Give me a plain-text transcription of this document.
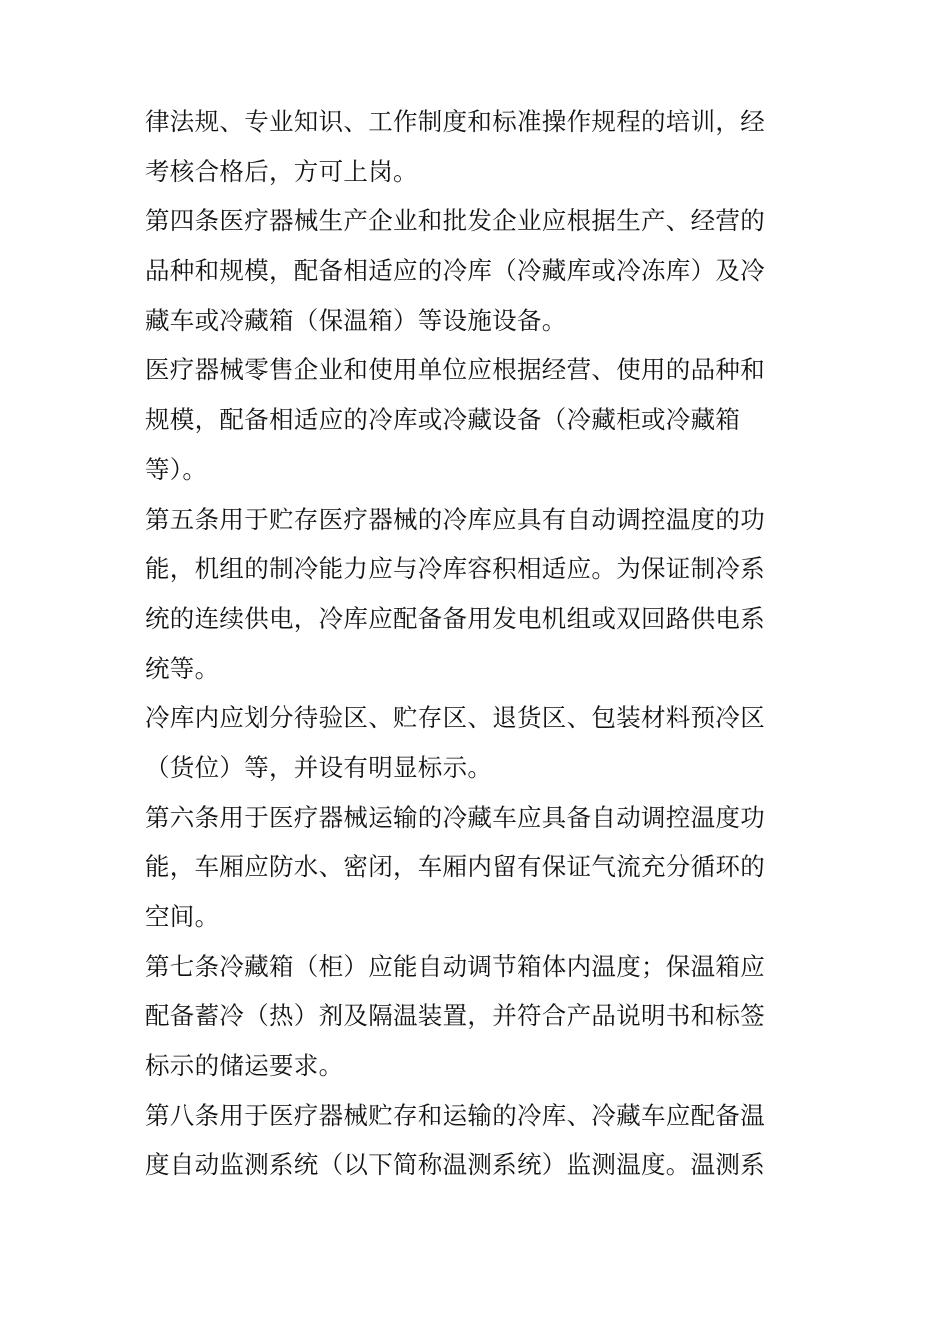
律法规、专业知识、工作制度和标准操作规程的培训，经
考核合格后，方可上岗。
第四条医疗器械生产企业和批发企业应根据生产、经营的
品种和规模，配备相适应的冷库（冷藏库或冷冻库）及冷
藏车或冷藏箱（保温箱）等设施设备。
医疗器械零售企业和使用单位应根据经营、使用的品种和
规模，配备相适应的冷库或冷藏设备（冷藏柜或冷藏箱
等）。
第五条用于贮存医疗器械的冷库应具有自动调控温度的功
能，机组的制冷能力应与冷库容积相适应。为保证制冷系
统的连续供电，冷库应配备备用发电机组或双回路供电系
统等。
冷库内应划分待验区、贮存区、退货区、包装材料预冷区
（货位）等，并设有明显标示。
第六条用于医疗器械运输的冷藏车应具备自动调控温度功
能，车厢应防水、密闭，车厢内留有保证气流充分循环的
空间。
第七条冷藏箱（柜）应能自动调节箱体内温度；保温箱应
配备蓄冷（热）剂及隔温装置，并符合产品说明书和标签
标示的储运要求。
第八条用于医疗器械贮存和运输的冷库、冷藏车应配备温
度自动监测系统（以下简称温测系统）监测温度。温测系
